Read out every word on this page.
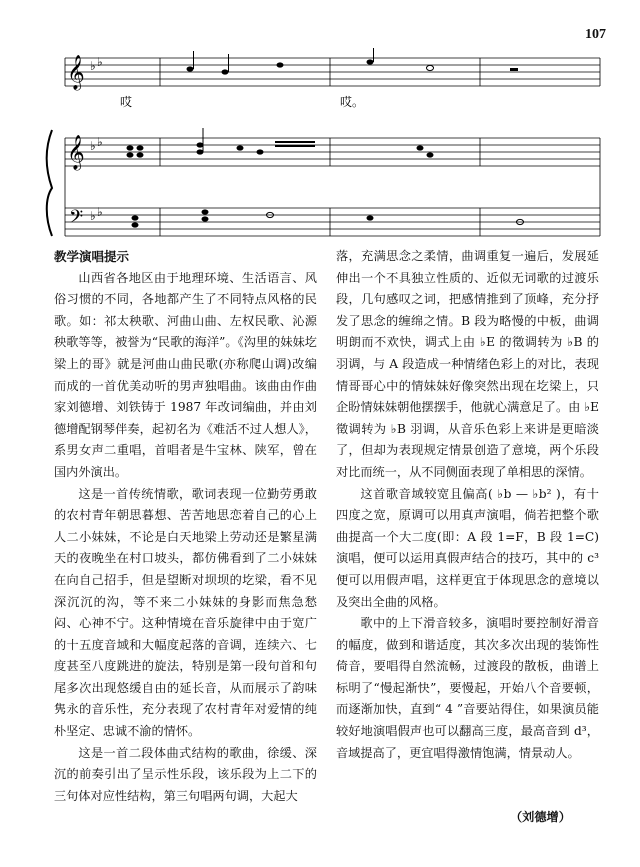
107
𝄞 ♭ ♭
哎	哎。
𝄞 ♭ ♭
𝄢 ♭ ♭

教学演唱提示

山西省各地区由于地理环境、生活语言、风俗习惯的不同，各地都产生了不同特点风格的民歌。如：祁太秧歌、河曲山曲、左权民歌、沁源秧歌等等，被誉为“民歌的海洋”。《沟里的妹妹圪梁上的哥》就是河曲山曲民歌(亦称爬山调)改编而成的一首优美动听的男声独唱曲。该曲由作曲家刘德增、刘铁铸于 1987 年改词编曲，并由刘德增配钢琴伴奏，起初名为《难活不过人想人》，系男女声二重唱，首唱者是牛宝林、陕军，曾在国内外演出。

这是一首传统情歌，歌词表现一位勤劳勇敢的农村青年朝思暮想、苦苦地思恋着自己的心上人二小妹妹，不论是白天地梁上劳动还是繁星满天的夜晚坐在村口坡头，都仿佛看到了二小妹妹在向自己招手，但是望断对坝坝的圪梁，看不见深沉沉的沟，等不来二小妹妹的身影而焦急愁闷、心神不宁。这种情境在音乐旋律中由于宽广的十五度音域和大幅度起落的音调，连续六、七度甚至八度跳进的旋法，特别是第一段句首和句尾多次出现悠缓自由的延长音，从而展示了韵味隽永的音乐性，充分表现了农村青年对爱情的纯朴坚定、忠诚不渝的情怀。

这是一首二段体曲式结构的歌曲，徐缓、深沉的前奏引出了呈示性乐段，该乐段为上二下的三句体对应性结构，第三句唱两句调，大起大

落，充满思念之柔情，曲调重复一遍后，发展延伸出一个不具独立性质的、近似无词歌的过渡乐段，几句感叹之词，把感情推到了顶峰，充分抒发了思念的缠绵之情。B 段为略慢的中板，曲调明朗而不欢快，调式上由 ♭E 的徵调转为 ♭B 的羽调，与 A 段造成一种情绪色彩上的对比，表现情哥哥心中的情妹妹好像突然出现在圪梁上，只企盼情妹妹朝他摆摆手，他就心满意足了。由 ♭E 徵调转为 ♭B 羽调，从音乐色彩上来讲是更暗淡了，但却为表现规定情景创造了意境，两个乐段对比而统一，从不同侧面表现了单相思的深情。

这首歌音域较宽且偏高( ♭b — ♭b² )，有十四度之宽，原调可以用真声演唱，倘若把整个歌曲提高一个大二度(即：A 段 1=F，B 段 1=C)演唱，便可以运用真假声结合的技巧，其中的 c³ 便可以用假声唱，这样更宜于体现思念的意境以及突出全曲的风格。

歌中的上下滑音较多，演唱时要控制好滑音的幅度，做到和谐适度，其次多次出现的装饰性倚音，要唱得自然流畅，过渡段的散板，曲谱上标明了“慢起渐快”，要慢起，开始八个音要顿，而逐渐加快，直到“ 4 ”音要站得住，如果演员能较好地演唱假声也可以翻高三度，最高音到 d³，音域提高了，更宜唱得激情饱满，情景动人。

（刘德增）
